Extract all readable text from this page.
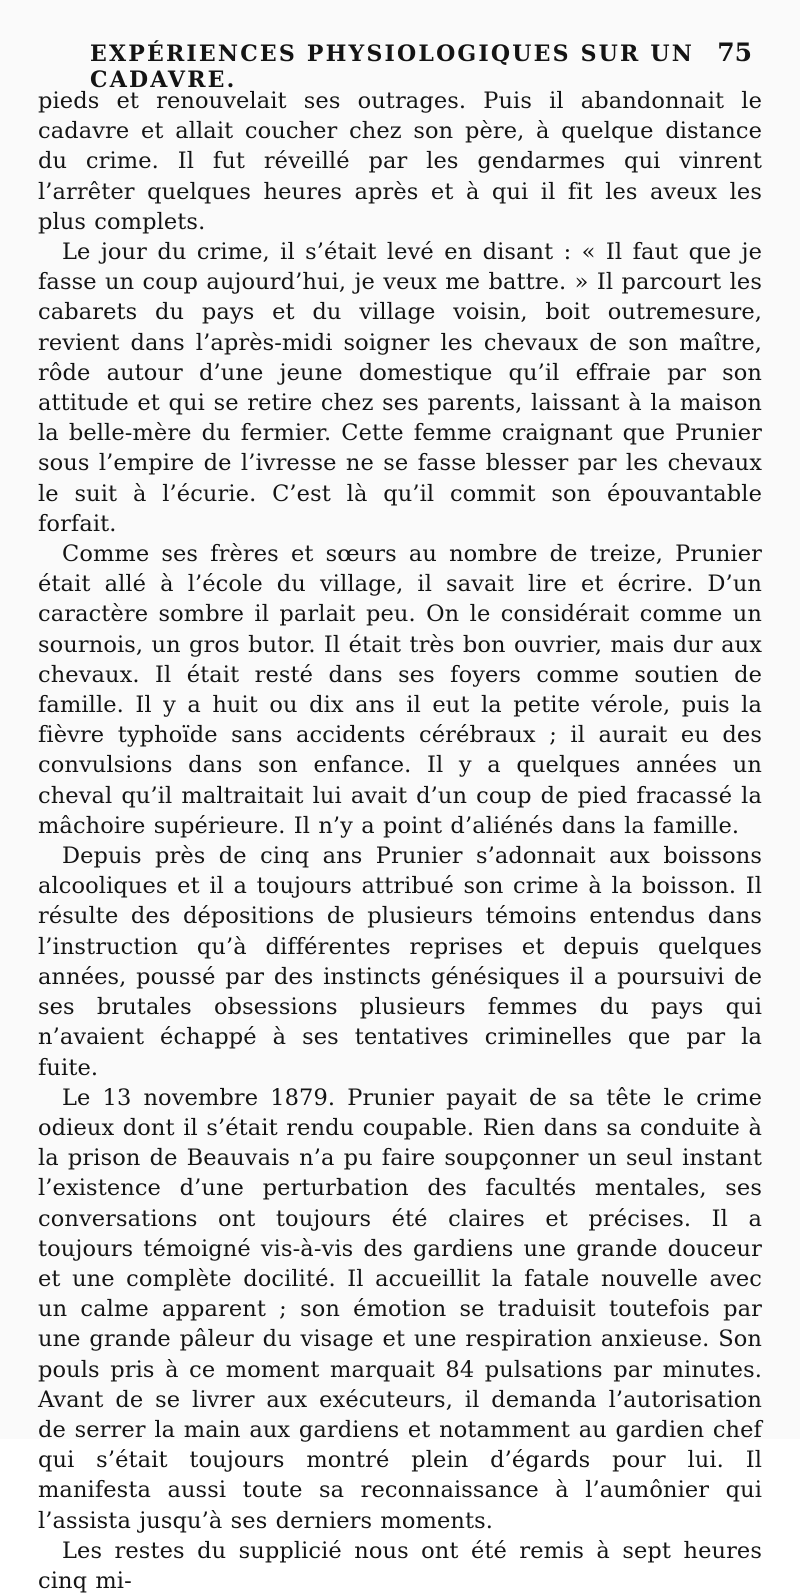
EXPÉRIENCES PHYSIOLOGIQUES SUR UN CADAVRE.
75

pieds et renouvelait ses outrages. Puis il abandonnait le cadavre et allait coucher chez son père, à quelque distance du crime. Il fut réveillé par les gendarmes qui vinrent l’arrêter quelques heures après et à qui il fit les aveux les plus complets.

Le jour du crime, il s’était levé en disant : « Il faut que je fasse un coup aujourd’hui, je veux me battre. » Il parcourt les cabarets du pays et du village voisin, boit outremesure, revient dans l’après-midi soigner les chevaux de son maître, rôde autour d’une jeune domestique qu’il effraie par son attitude et qui se retire chez ses parents, laissant à la maison la belle-mère du fermier. Cette femme craignant que Prunier sous l’empire de l’ivresse ne se fasse blesser par les chevaux le suit à l’écurie. C’est là qu’il commit son épouvantable forfait.

Comme ses frères et sœurs au nombre de treize, Prunier était allé à l’école du village, il savait lire et écrire. D’un caractère sombre il parlait peu. On le considérait comme un sournois, un gros butor. Il était très bon ouvrier, mais dur aux chevaux. Il était resté dans ses foyers comme soutien de famille. Il y a huit ou dix ans il eut la petite vérole, puis la fièvre typhoïde sans accidents cérébraux ; il aurait eu des convulsions dans son enfance. Il y a quelques années un cheval qu’il maltraitait lui avait d’un coup de pied fracassé la mâchoire supérieure. Il n’y a point d’aliénés dans la famille.

Depuis près de cinq ans Prunier s’adonnait aux boissons alcooliques et il a toujours attribué son crime à la boisson. Il résulte des dépositions de plusieurs témoins entendus dans l’instruction qu’à différentes reprises et depuis quelques années, poussé par des instincts génésiques il a poursuivi de ses brutales obsessions plusieurs femmes du pays qui n’avaient échappé à ses tentatives criminelles que par la fuite.

Le 13 novembre 1879. Prunier payait de sa tête le crime odieux dont il s’était rendu coupable. Rien dans sa conduite à la prison de Beauvais n’a pu faire soupçonner un seul instant l’existence d’une perturbation des facultés mentales, ses conversations ont toujours été claires et précises. Il a toujours témoigné vis-à-vis des gardiens une grande douceur et une complète docilité. Il accueillit la fatale nouvelle avec un calme apparent ; son émotion se traduisit toutefois par une grande pâleur du visage et une respiration anxieuse. Son pouls pris à ce moment marquait 84 pulsations par minutes. Avant de se livrer aux exécuteurs, il demanda l’autorisation de serrer la main aux gardiens et notamment au gardien chef qui s’était toujours montré plein d’égards pour lui. Il manifesta aussi toute sa reconnaissance à l’aumônier qui l’assista jusqu’à ses derniers moments.

Les restes du supplicié nous ont été remis à sept heures cinq mi-
